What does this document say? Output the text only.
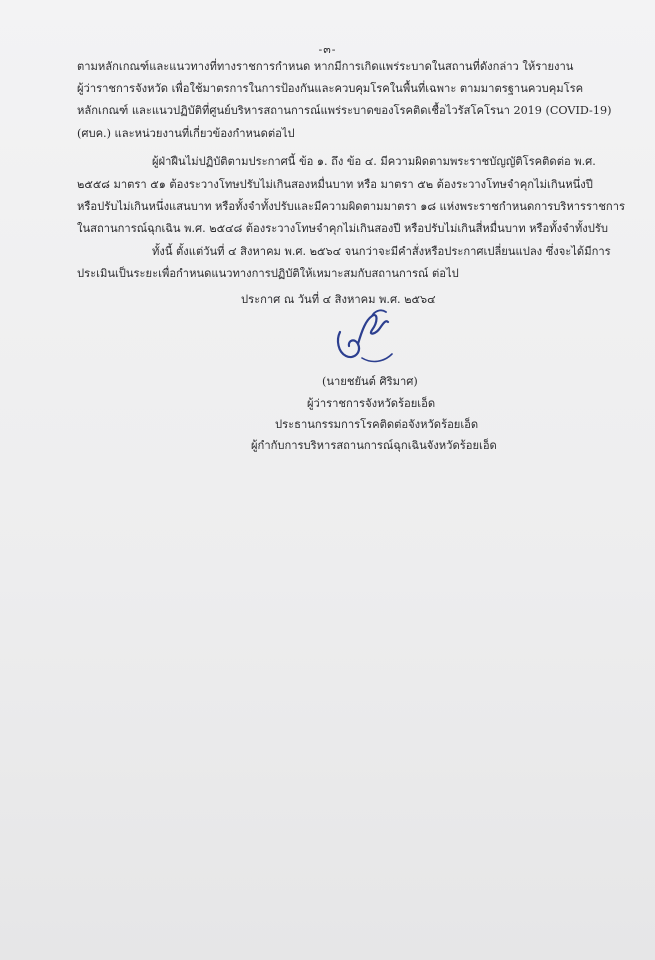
-๓-
ตามหลักเกณฑ์และแนวทางที่ทางราชการกำหนด หากมีการเกิดแพร่ระบาดในสถานที่ดังกล่าว ให้รายงาน
ผู้ว่าราชการจังหวัด เพื่อใช้มาตรการในการป้องกันและควบคุมโรคในพื้นที่เฉพาะ ตามมาตรฐานควบคุมโรค
หลักเกณฑ์ และแนวปฏิบัติที่ศูนย์บริหารสถานการณ์แพร่ระบาดของโรคติดเชื้อไวรัสโคโรนา 2019 (COVID-19)
(ศบค.) และหน่วยงานที่เกี่ยวข้องกำหนดต่อไป
ผู้ฝ่าฝืนไม่ปฏิบัติตามประกาศนี้ ข้อ ๑. ถึง ข้อ ๔. มีความผิดตามพระราชบัญญัติโรคติดต่อ พ.ศ.
๒๕๕๘ มาตรา ๕๑ ต้องระวางโทษปรับไม่เกินสองหมื่นบาท หรือ มาตรา ๕๒ ต้องระวางโทษจำคุกไม่เกินหนึ่งปี
หรือปรับไม่เกินหนึ่งแสนบาท หรือทั้งจำทั้งปรับและมีความผิดตามมาตรา ๑๘ แห่งพระราชกำหนดการบริหารราชการ
ในสถานการณ์ฉุกเฉิน พ.ศ. ๒๕๔๘ ต้องระวางโทษจำคุกไม่เกินสองปี หรือปรับไม่เกินสี่หมื่นบาท หรือทั้งจำทั้งปรับ
ทั้งนี้ ตั้งแต่วันที่ ๔ สิงหาคม พ.ศ. ๒๕๖๔ จนกว่าจะมีคำสั่งหรือประกาศเปลี่ยนแปลง ซึ่งจะได้มีการ
ประเมินเป็นระยะเพื่อกำหนดแนวทางการปฏิบัติให้เหมาะสมกับสถานการณ์ ต่อไป
ประกาศ ณ วันที่ ๔ สิงหาคม พ.ศ. ๒๕๖๔
(นายชยันต์ ศิริมาศ)
ผู้ว่าราชการจังหวัดร้อยเอ็ด
ประธานกรรมการโรคติดต่อจังหวัดร้อยเอ็ด
ผู้กำกับการบริหารสถานการณ์ฉุกเฉินจังหวัดร้อยเอ็ด
